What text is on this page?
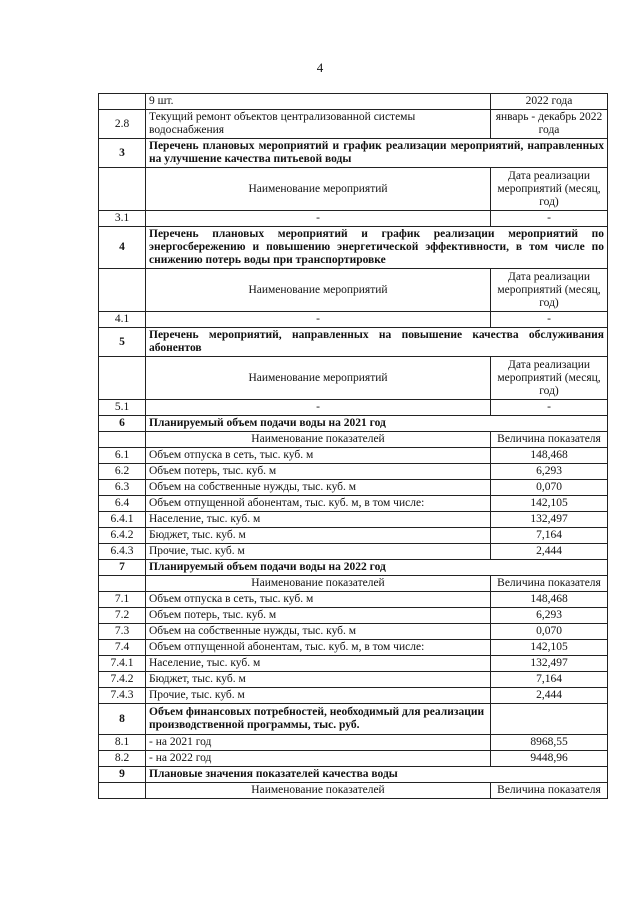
4
	9 шт.	2022 года
2.8	Текущий ремонт объектов централизованной системы водоснабжения	январь - декабрь 2022 года
3	Перечень плановых мероприятий и график реализации мероприятий, направленных на улучшение качества питьевой воды	
	Наименование мероприятий	Дата реализации мероприятий (месяц, год)
3.1	-	-
4	Перечень плановых мероприятий и график реализации мероприятий по энергосбережению и повышению энергетической эффективности, в том числе по снижению потерь воды при транспортировке	
	Наименование мероприятий	Дата реализации мероприятий (месяц, год)
4.1	-	-
5	Перечень мероприятий, направленных на повышение качества обслуживания абонентов	
	Наименование мероприятий	Дата реализации мероприятий (месяц, год)
5.1	-	-
6	Планируемый объем подачи воды на 2021 год	
	Наименование показателей	Величина показателя
6.1	Объем отпуска в сеть, тыс. куб. м	148,468
6.2	Объем потерь, тыс. куб. м	6,293
6.3	Объем на собственные нужды, тыс. куб. м	0,070
6.4	Объем отпущенной абонентам, тыс. куб. м, в том числе:	142,105
6.4.1	Население, тыс. куб. м	132,497
6.4.2	Бюджет, тыс. куб. м	7,164
6.4.3	Прочие, тыс. куб. м	2,444
7	Планируемый объем подачи воды на 2022 год	
	Наименование показателей	Величина показателя
7.1	Объем отпуска в сеть, тыс. куб. м	148,468
7.2	Объем потерь, тыс. куб. м	6,293
7.3	Объем на собственные нужды, тыс. куб. м	0,070
7.4	Объем отпущенной абонентам, тыс. куб. м, в том числе:	142,105
7.4.1	Население, тыс. куб. м	132,497
7.4.2	Бюджет, тыс. куб. м	7,164
7.4.3	Прочие, тыс. куб. м	2,444
8	Объем финансовых потребностей, необходимый для реализации производственной программы, тыс. руб.	
8.1	- на 2021 год	8968,55
8.2	- на 2022 год	9448,96
9	Плановые значения показателей качества воды	
	Наименование показателей	Величина показателя
